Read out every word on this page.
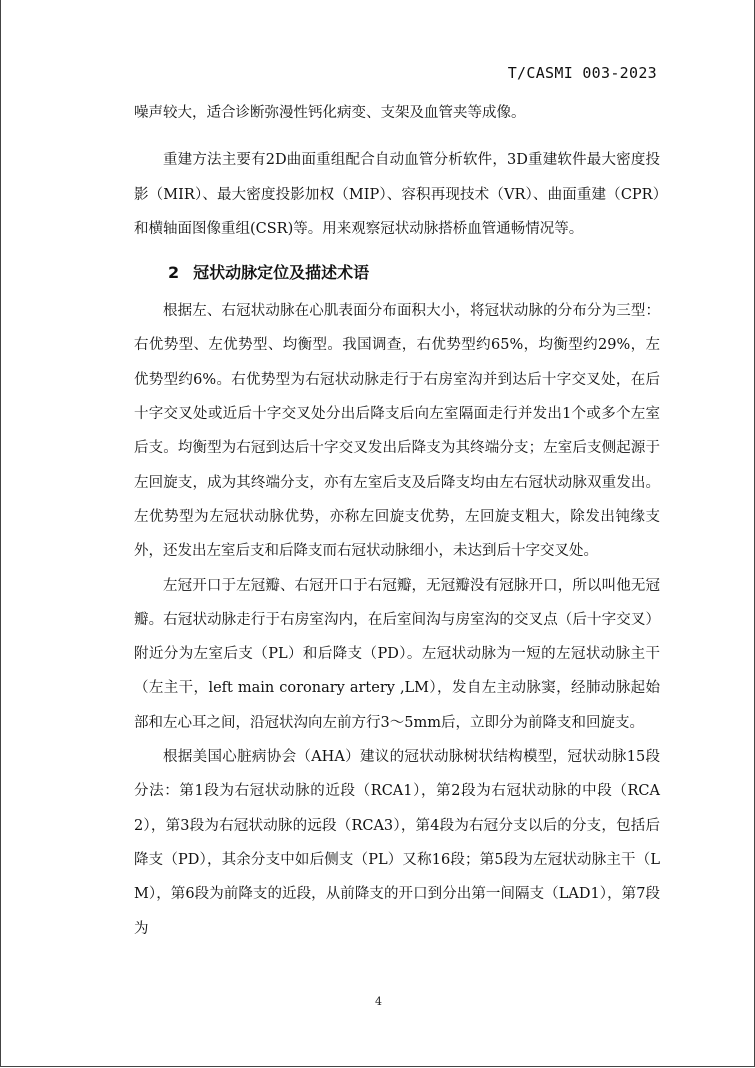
T/CASMI 003-2023

噪声较大，适合诊断弥漫性钙化病变、支架及血管夹等成像。

重建方法主要有2D曲面重组配合自动血管分析软件，3D重建软件最大密度投影（MIR）、最大密度投影加权（MIP）、容积再现技术（VR）、曲面重建（CPR）和横轴面图像重组(CSR)等。用来观察冠状动脉搭桥血管通畅情况等。

2 冠状动脉定位及描述术语

根据左、右冠状动脉在心肌表面分布面积大小，将冠状动脉的分布分为三型：右优势型、左优势型、均衡型。我国调查，右优势型约65%，均衡型约29%，左优势型约6%。右优势型为右冠状动脉走行于右房室沟并到达后十字交叉处，在后十字交叉处或近后十字交叉处分出后降支后向左室隔面走行并发出1个或多个左室后支。均衡型为右冠到达后十字交叉发出后降支为其终端分支；左室后支侧起源于左回旋支，成为其终端分支，亦有左室后支及后降支均由左右冠状动脉双重发出。左优势型为左冠状动脉优势，亦称左回旋支优势，左回旋支粗大，除发出钝缘支外，还发出左室后支和后降支而右冠状动脉细小，未达到后十字交叉处。

左冠开口于左冠瓣、右冠开口于右冠瓣，无冠瓣没有冠脉开口，所以叫他无冠瓣。右冠状动脉走行于右房室沟内，在后室间沟与房室沟的交叉点（后十字交叉）附近分为左室后支（PL）和后降支（PD）。左冠状动脉为一短的左冠状动脉主干（左主干，left main coronary artery ,LM），发自左主动脉窦，经肺动脉起始部和左心耳之间，沿冠状沟向左前方行3～5mm后，立即分为前降支和回旋支。

根据美国心脏病协会（AHA）建议的冠状动脉树状结构模型，冠状动脉15段分法：第1段为右冠状动脉的近段（RCA1），第2段为右冠状动脉的中段（RCA2），第3段为右冠状动脉的远段（RCA3），第4段为右冠分支以后的分支，包括后降支（PD），其余分支中如后侧支（PL）又称16段；第5段为左冠状动脉主干（LM），第6段为前降支的近段，从前降支的开口到分出第一间隔支（LAD1），第7段为

4
